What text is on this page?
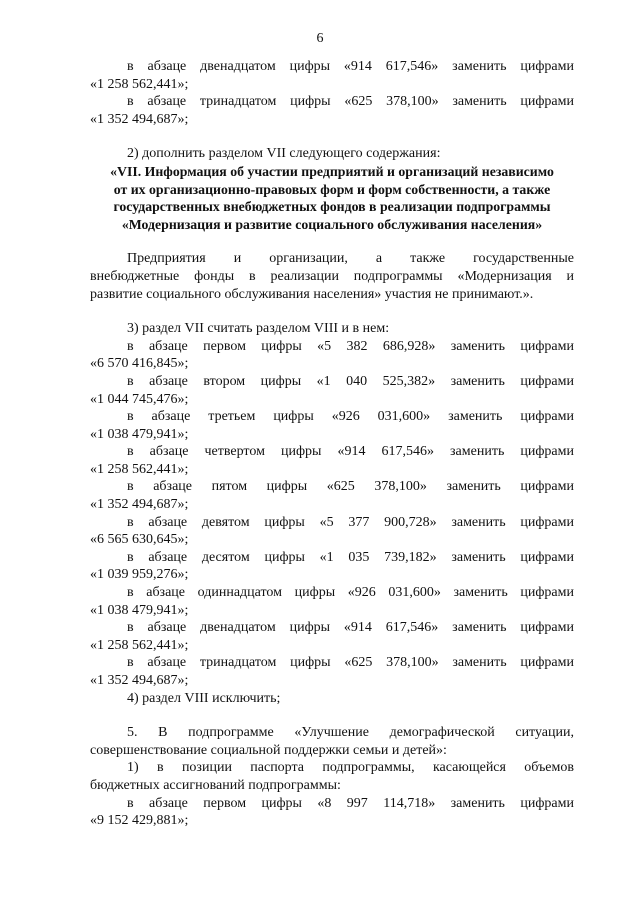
6
в абзаце двенадцатом цифры «914 617,546» заменить цифрами
«1 258 562,441»;
в абзаце тринадцатом цифры «625 378,100» заменить цифрами
«1 352 494,687»;
2) дополнить разделом VII следующего содержания:
«VII. Информация об участии предприятий и организаций независимо
от их организационно-правовых форм и форм собственности, а также
государственных внебюджетных фондов в реализации подпрограммы
«Модернизация и развитие социального обслуживания населения»
Предприятия и организации, а также государственные
внебюджетные фонды в реализации подпрограммы «Модернизация и
развитие социального обслуживания населения» участия не принимают.».
3) раздел VII считать разделом VIII и в нем:
в абзаце первом цифры «5 382 686,928» заменить цифрами
«6 570 416,845»;
в абзаце втором цифры «1 040 525,382» заменить цифрами
«1 044 745,476»;
в абзаце третьем цифры «926 031,600» заменить цифрами
«1 038 479,941»;
в абзаце четвертом цифры «914 617,546» заменить цифрами
«1 258 562,441»;
в абзаце пятом цифры «625 378,100» заменить цифрами
«1 352 494,687»;
в абзаце девятом цифры «5 377 900,728» заменить цифрами
«6 565 630,645»;
в абзаце десятом цифры «1 035 739,182» заменить цифрами
«1 039 959,276»;
в абзаце одиннадцатом цифры «926 031,600» заменить цифрами
«1 038 479,941»;
в абзаце двенадцатом цифры «914 617,546» заменить цифрами
«1 258 562,441»;
в абзаце тринадцатом цифры «625 378,100» заменить цифрами
«1 352 494,687»;
4) раздел VIII исключить;
5. В подпрограмме «Улучшение демографической ситуации,
совершенствование социальной поддержки семьи и детей»:
1) в позиции паспорта подпрограммы, касающейся объемов
бюджетных ассигнований подпрограммы:
в абзаце первом цифры «8 997 114,718» заменить цифрами
«9 152 429,881»;
